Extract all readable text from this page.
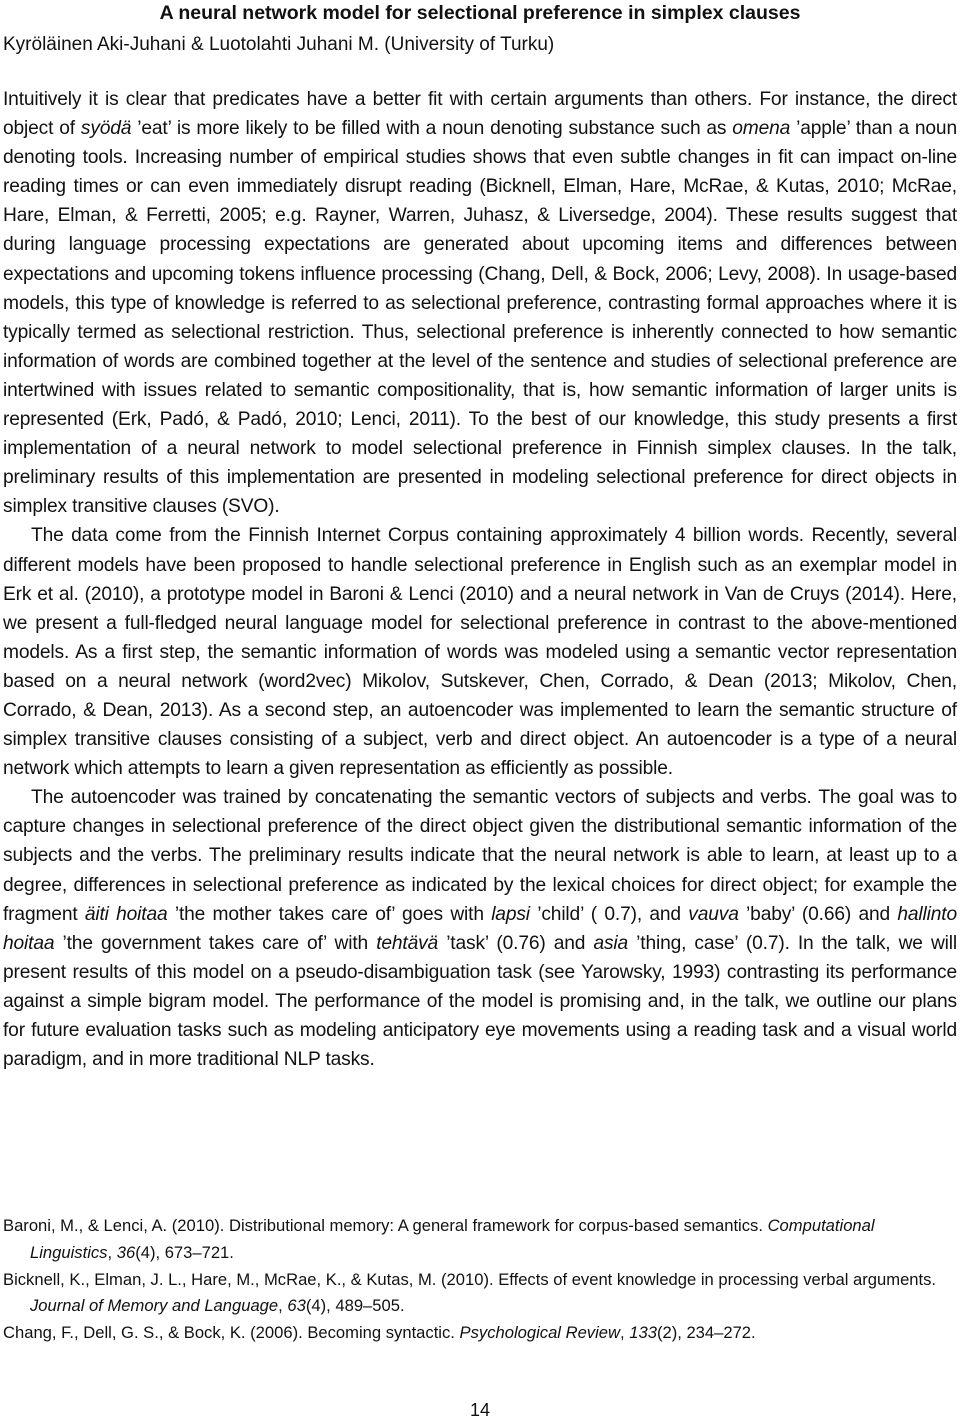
A neural network model for selectional preference in simplex clauses
Kyröläinen Aki-Juhani & Luotolahti Juhani M. (University of Turku)

Intuitively it is clear that predicates have a better fit with certain arguments than others. For instance, the direct object of syödä ’eat’ is more likely to be filled with a noun denoting substance such as omena ’apple’ than a noun denoting tools. Increasing number of empirical studies shows that even subtle changes in fit can impact on-line reading times or can even immediately disrupt reading (Bicknell, Elman, Hare, McRae, & Kutas, 2010; McRae, Hare, Elman, & Ferretti, 2005; e.g. Rayner, Warren, Juhasz, & Liversedge, 2004). These results suggest that during language processing expectations are generated about upcoming items and differences between expectations and upcoming tokens influence processing (Chang, Dell, & Bock, 2006; Levy, 2008). In usage-based models, this type of knowledge is referred to as selectional preference, contrasting formal approaches where it is typically termed as selectional restriction. Thus, selectional preference is inherently connected to how semantic information of words are combined together at the level of the sentence and studies of selectional preference are intertwined with issues related to semantic compositionality, that is, how semantic information of larger units is represented (Erk, Padó, & Padó, 2010; Lenci, 2011). To the best of our knowledge, this study presents a first implementation of a neural network to model selectional preference in Finnish simplex clauses. In the talk, preliminary results of this implementation are presented in modeling selectional preference for direct objects in simplex transitive clauses (SVO).

The data come from the Finnish Internet Corpus containing approximately 4 billion words. Recently, several different models have been proposed to handle selectional preference in English such as an exemplar model in Erk et al. (2010), a prototype model in Baroni & Lenci (2010) and a neural network in Van de Cruys (2014). Here, we present a full-fledged neural language model for selectional preference in contrast to the above-mentioned models. As a first step, the semantic information of words was modeled using a semantic vector representation based on a neural network (word2vec) Mikolov, Sutskever, Chen, Corrado, & Dean (2013; Mikolov, Chen, Corrado, & Dean, 2013). As a second step, an autoencoder was implemented to learn the semantic structure of simplex transitive clauses consisting of a subject, verb and direct object. An autoencoder is a type of a neural network which attempts to learn a given representation as efficiently as possible.

The autoencoder was trained by concatenating the semantic vectors of subjects and verbs. The goal was to capture changes in selectional preference of the direct object given the distributional semantic information of the subjects and the verbs. The preliminary results indicate that the neural network is able to learn, at least up to a degree, differences in selectional preference as indicated by the lexical choices for direct object; for example the fragment äiti hoitaa ’the mother takes care of’ goes with lapsi ’child’ ( 0.7), and vauva ’baby’ (0.66) and hallinto hoitaa ’the government takes care of’ with tehtävä ’task’ (0.76) and asia ’thing, case’ (0.7). In the talk, we will present results of this model on a pseudo-disambiguation task (see Yarowsky, 1993) contrasting its performance against a simple bigram model. The performance of the model is promising and, in the talk, we outline our plans for future evaluation tasks such as modeling anticipatory eye movements using a reading task and a visual world paradigm, and in more traditional NLP tasks.

Baroni, M., & Lenci, A. (2010). Distributional memory: A general framework for corpus-based semantics. Computational Linguistics, 36(4), 673–721.

Bicknell, K., Elman, J. L., Hare, M., McRae, K., & Kutas, M. (2010). Effects of event knowledge in processing verbal arguments. Journal of Memory and Language, 63(4), 489–505.

Chang, F., Dell, G. S., & Bock, K. (2006). Becoming syntactic. Psychological Review, 133(2), 234–272.

14
